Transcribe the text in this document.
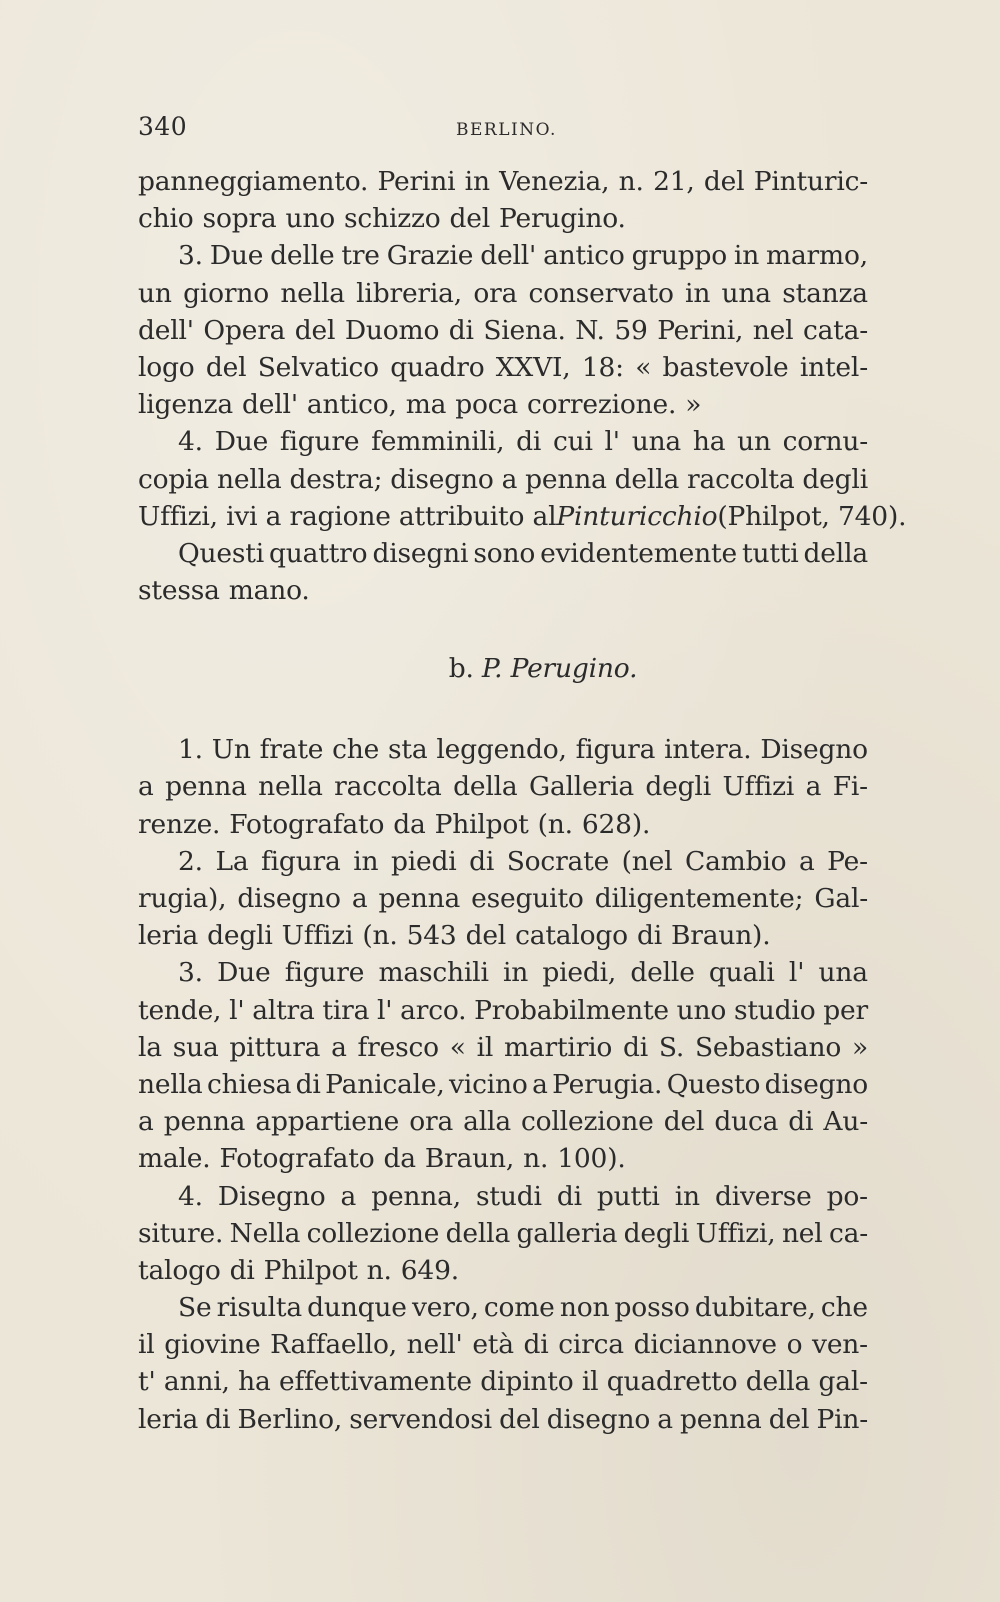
340	BERLINO.
panneggiamento. Perini in Venezia, n. 21, del Pinturic-
chio sopra uno schizzo del Perugino.
3. Due delle tre Grazie dell' antico gruppo in marmo,
un giorno nella libreria, ora conservato in una stanza
dell' Opera del Duomo di Siena. N. 59 Perini, nel cata-
logo del Selvatico quadro XXVI, 18: « bastevole intel-
ligenza dell' antico, ma poca correzione. »
4. Due figure femminili, di cui l' una ha un cornu-
copia nella destra; disegno a penna della raccolta degli
Uffizi, ivi a ragione attribuito al Pinturicchio (Philpot, 740).
Questi quattro disegni sono evidentemente tutti della
stessa mano.
b. P. Perugino.
1. Un frate che sta leggendo, figura intera. Disegno
a penna nella raccolta della Galleria degli Uffizi a Fi-
renze. Fotografato da Philpot (n. 628).
2. La figura in piedi di Socrate (nel Cambio a Pe-
rugia), disegno a penna eseguito diligentemente; Gal-
leria degli Uffizi (n. 543 del catalogo di Braun).
3. Due figure maschili in piedi, delle quali l' una
tende, l' altra tira l' arco. Probabilmente uno studio per
la sua pittura a fresco « il martirio di S. Sebastiano »
nella chiesa di Panicale, vicino a Perugia. Questo disegno
a penna appartiene ora alla collezione del duca di Au-
male. Fotografato da Braun, n. 100).
4. Disegno a penna, studi di putti in diverse po-
siture. Nella collezione della galleria degli Uffizi, nel ca-
talogo di Philpot n. 649.
Se risulta dunque vero, come non posso dubitare, che
il giovine Raffaello, nell' età di circa diciannove o ven-
t' anni, ha effettivamente dipinto il quadretto della gal-
leria di Berlino, servendosi del disegno a penna del Pin-
